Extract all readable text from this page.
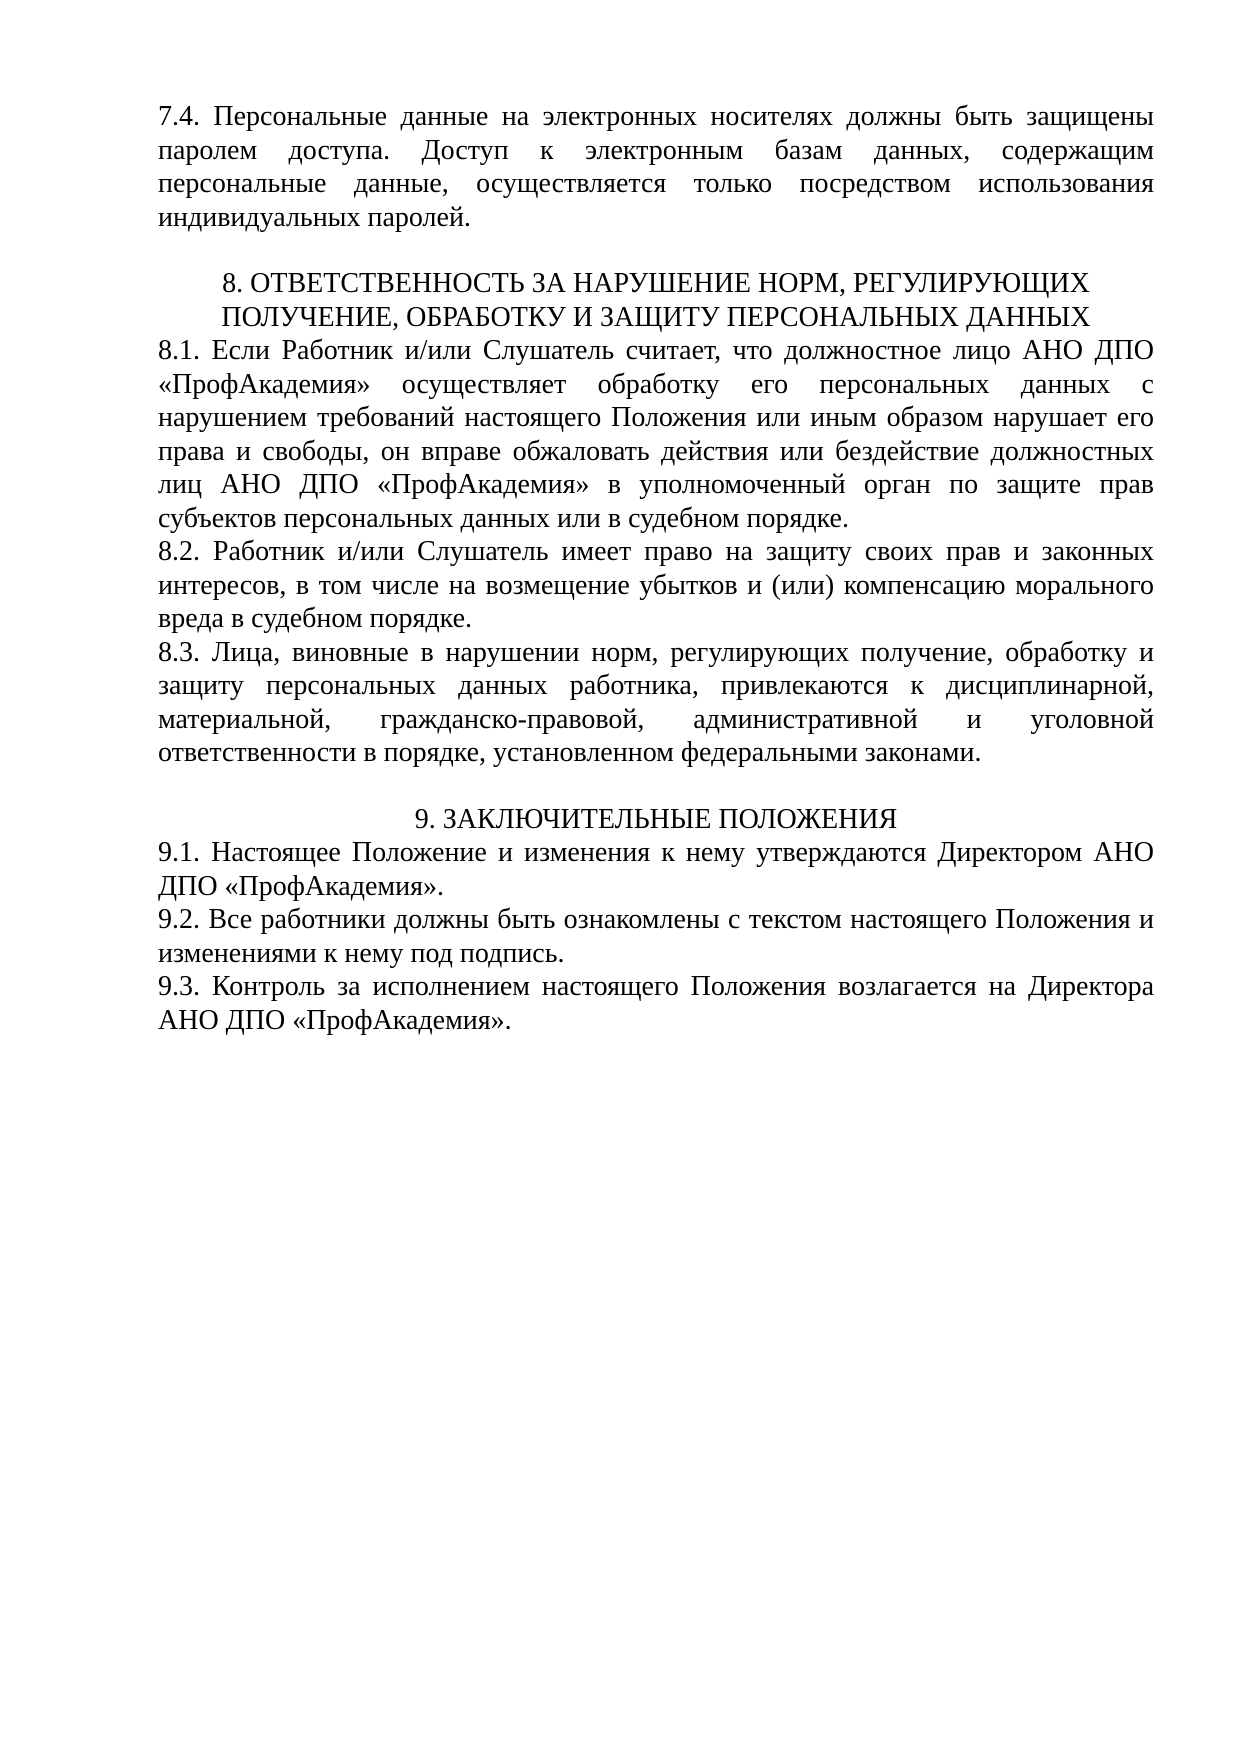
7.4. Персональные данные на электронных носителях должны быть защищены паролем доступа. Доступ к электронным базам данных, содержащим персональные данные, осуществляется только посредством использования индивидуальных паролей.

8. ОТВЕТСТВЕННОСТЬ ЗА НАРУШЕНИЕ НОРМ, РЕГУЛИРУЮЩИХ ПОЛУЧЕНИЕ, ОБРАБОТКУ И ЗАЩИТУ ПЕРСОНАЛЬНЫХ ДАННЫХ

8.1. Если Работник и/или Слушатель считает, что должностное лицо АНО ДПО «ПрофАкадемия» осуществляет обработку его персональных данных с нарушением требований настоящего Положения или иным образом нарушает его права и свободы, он вправе обжаловать действия или бездействие должностных лиц АНО ДПО «ПрофАкадемия» в уполномоченный орган по защите прав субъектов персональных данных или в судебном порядке.

8.2. Работник и/или Слушатель имеет право на защиту своих прав и законных интересов, в том числе на возмещение убытков и (или) компенсацию морального вреда в судебном порядке.

8.3. Лица, виновные в нарушении норм, регулирующих получение, обработку и защиту персональных данных работника, привлекаются к дисциплинарной, материальной, гражданско-правовой, административной и уголовной ответственности в порядке, установленном федеральными законами.

9. ЗАКЛЮЧИТЕЛЬНЫЕ ПОЛОЖЕНИЯ

9.1. Настоящее Положение и изменения к нему утверждаются Директором АНО ДПО «ПрофАкадемия».

9.2. Все работники должны быть ознакомлены с текстом настоящего Положения и изменениями к нему под подпись.

9.3. Контроль за исполнением настоящего Положения возлагается на Директора АНО ДПО «ПрофАкадемия».
